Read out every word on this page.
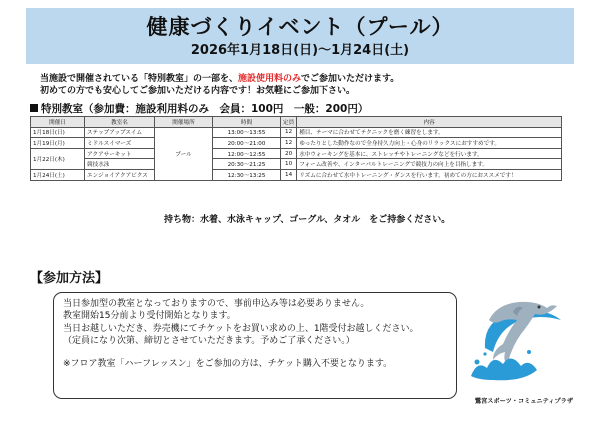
健康づくりイベント（プール）
2026年1月18日(日)～1月24日(土)
当施設で開催されている「特別教室」の一部を、施設使用料のみでご参加いただけます。
初めての方でも安心してご参加いただける内容です！お気軽にご参加下さい。
特別教室（参加費：施設利用料のみ　会員：100円　一般：200円）
開催日	教室名	開催場所	時間	定員	内容
1月18日(日)	ステップアップスイム	プール	13:00～13:55	12	種目、テーマに合わせてテクニックを磨く練習をします。
1月19日(月)	ミドルスイマーズ		20:00～21:00	12	ゆったりとした動作なので全身持久力向上・心身のリラックスにおすすめです。
1月22日(木)	アクアサーキット		12:00～12:55	20	水中ウォーキングを基本に、ストレッチやトレーニングなどを行います。
	競技水泳		20:30～21:25	10	フォーム改善や、インターバルトレーニングで競技力の向上を目指します。
1月24日(土)	エンジョイアクアビクス		12:30～13:25	14	リズムに合わせて水中トレーニング・ダンスを行います。初めての方におススメです！
持ち物：水着、水泳キャップ、ゴーグル、タオル　をご持参ください。
【参加方法】
当日参加型の教室となっておりますので、事前申込み等は必要ありません。
教室開始15分前より受付開始となります。
当日お越しいただき、券売機にてチケットをお買い求めの上、1階受付お越しください。
（定員になり次第、締切とさせていただきます。予めご了承ください。）
※フロア教室「ハーフレッスン」をご参加の方は、チケット購入不要となります。
鷺宮スポーツ・コミュニティプラザ
